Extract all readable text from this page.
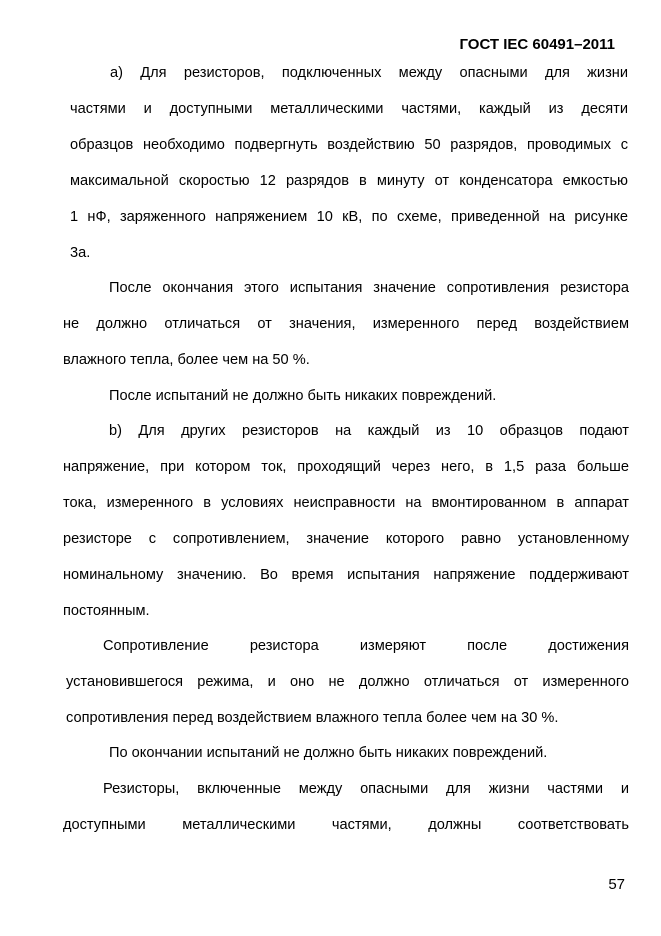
ГОСТ IEC 60491–2011
а) Для резисторов, подключенных между опасными для жизни
частями и доступными металлическими частями, каждый из десяти
образцов необходимо подвергнуть воздействию 50 разрядов, проводимых с
максимальной скоростью 12 разрядов в минуту от конденсатора емкостью
1 нФ, заряженного напряжением 10 кВ, по схеме, приведенной на рисунке
3а.
После окончания этого испытания значение сопротивления резистора
не должно отличаться от значения, измеренного перед воздействием
влажного тепла, более чем на 50 %.
После испытаний не должно быть никаких повреждений.
b) Для других резисторов на каждый из 10 образцов подают
напряжение, при котором ток, проходящий через него, в 1,5 раза больше
тока, измеренного в условиях неисправности на вмонтированном в аппарат
резисторе с сопротивлением, значение которого равно установленному
номинальному значению. Во время испытания напряжение поддерживают
постоянным.
Сопротивление	резистора	измеряют	после	достижения
установившегося режима, и оно не должно отличаться от измеренного
сопротивления перед воздействием влажного тепла более чем на 30 %.
По окончании испытаний не должно быть никаких повреждений.
Резисторы, включенные между опасными для жизни частями и
доступными металлическими частями, должны соответствовать
57
